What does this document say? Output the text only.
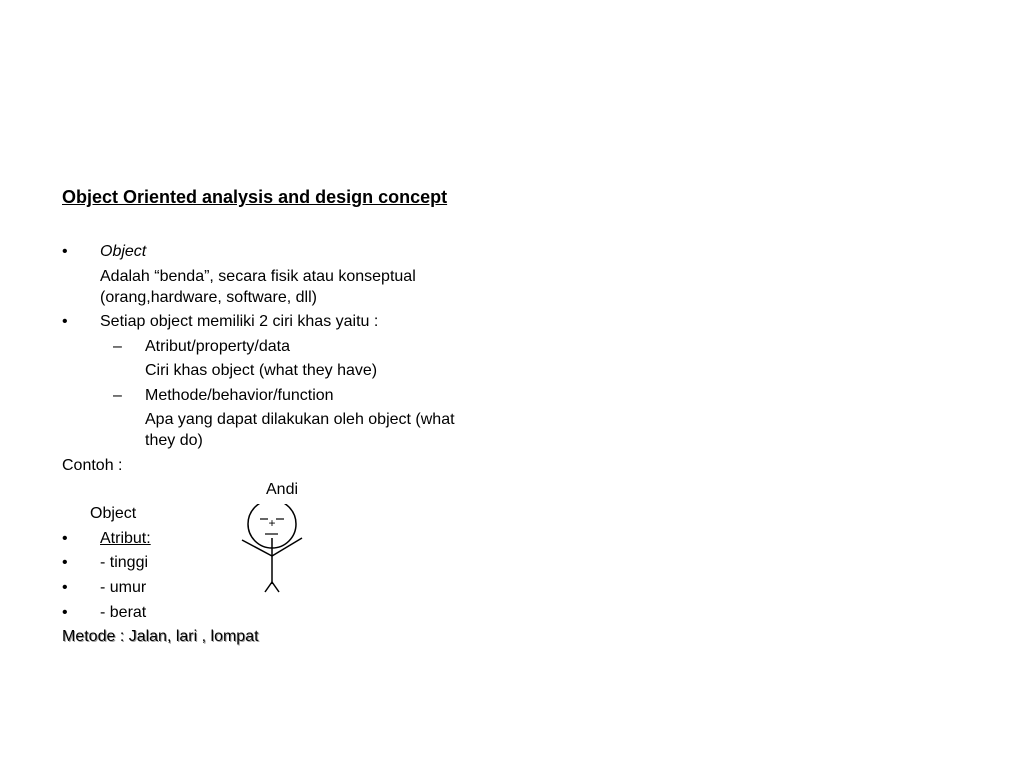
Object Oriented analysis and design concept
• Object
Adalah “benda”, secara fisik atau konseptual
(orang,hardware, software, dll)
• Setiap object memiliki 2 ciri khas yaitu :
– Atribut/property/data
Ciri khas object (what they have)
– Methode/behavior/function
Apa yang dapat dilakukan oleh object (what
they do)
Contoh :
Andi
Object
• Atribut:
• - tinggi
• - umur
• - berat
Metode : Jalan, lari , lompat
+
